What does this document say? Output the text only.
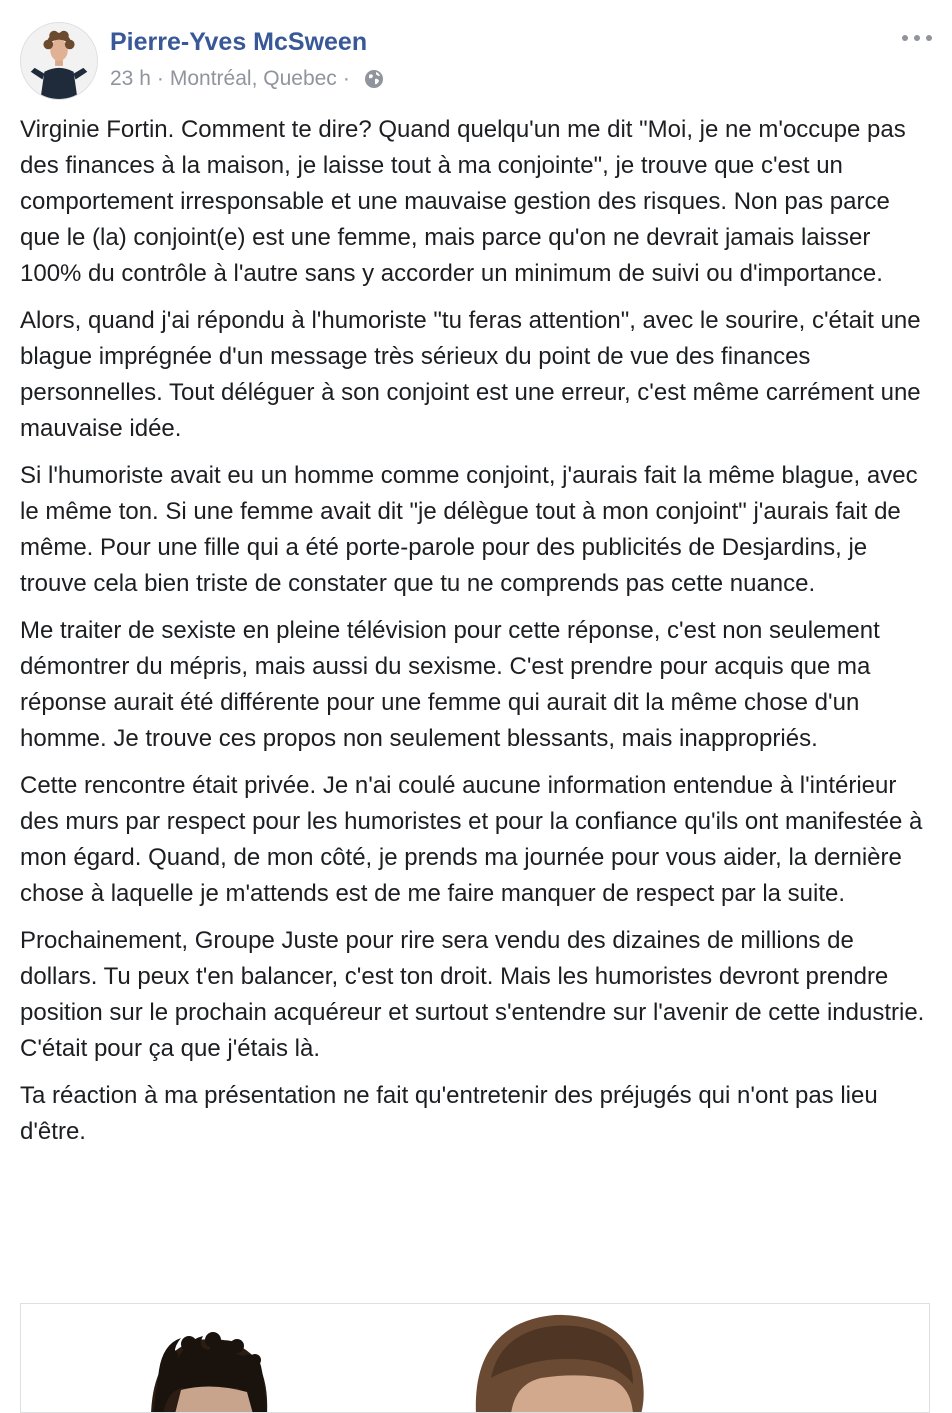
Pierre-Yves McSween
23 h · Montréal, Quebec ·

Virginie Fortin. Comment te dire? Quand quelqu'un me dit "Moi, je ne m'occupe pas des finances à la maison, je laisse tout à ma conjointe", je trouve que c'est un comportement irresponsable et une mauvaise gestion des risques. Non pas parce que le (la) conjoint(e) est une femme, mais parce qu'on ne devrait jamais laisser 100% du contrôle à l'autre sans y accorder un minimum de suivi ou d'importance.

Alors, quand j'ai répondu à l'humoriste "tu feras attention", avec le sourire, c'était une blague imprégnée d'un message très sérieux du point de vue des finances personnelles. Tout déléguer à son conjoint est une erreur, c'est même carrément une mauvaise idée.

Si l'humoriste avait eu un homme comme conjoint, j'aurais fait la même blague, avec le même ton. Si une femme avait dit "je délègue tout à mon conjoint" j'aurais fait de même. Pour une fille qui a été porte-parole pour des publicités de Desjardins, je trouve cela bien triste de constater que tu ne comprends pas cette nuance.

Me traiter de sexiste en pleine télévision pour cette réponse, c'est non seulement démontrer du mépris, mais aussi du sexisme. C'est prendre pour acquis que ma réponse aurait été différente pour une femme qui aurait dit la même chose d'un homme. Je trouve ces propos non seulement blessants, mais inappropriés.

Cette rencontre était privée. Je n'ai coulé aucune information entendue à l'intérieur des murs par respect pour les humoristes et pour la confiance qu'ils ont manifestée à mon égard. Quand, de mon côté, je prends ma journée pour vous aider, la dernière chose à laquelle je m'attends est de me faire manquer de respect par la suite.

Prochainement, Groupe Juste pour rire sera vendu des dizaines de millions de dollars. Tu peux t'en balancer, c'est ton droit. Mais les humoristes devront prendre position sur le prochain acquéreur et surtout s'entendre sur l'avenir de cette industrie. C'était pour ça que j'étais là.

Ta réaction à ma présentation ne fait qu'entretenir des préjugés qui n'ont pas lieu d'être.
